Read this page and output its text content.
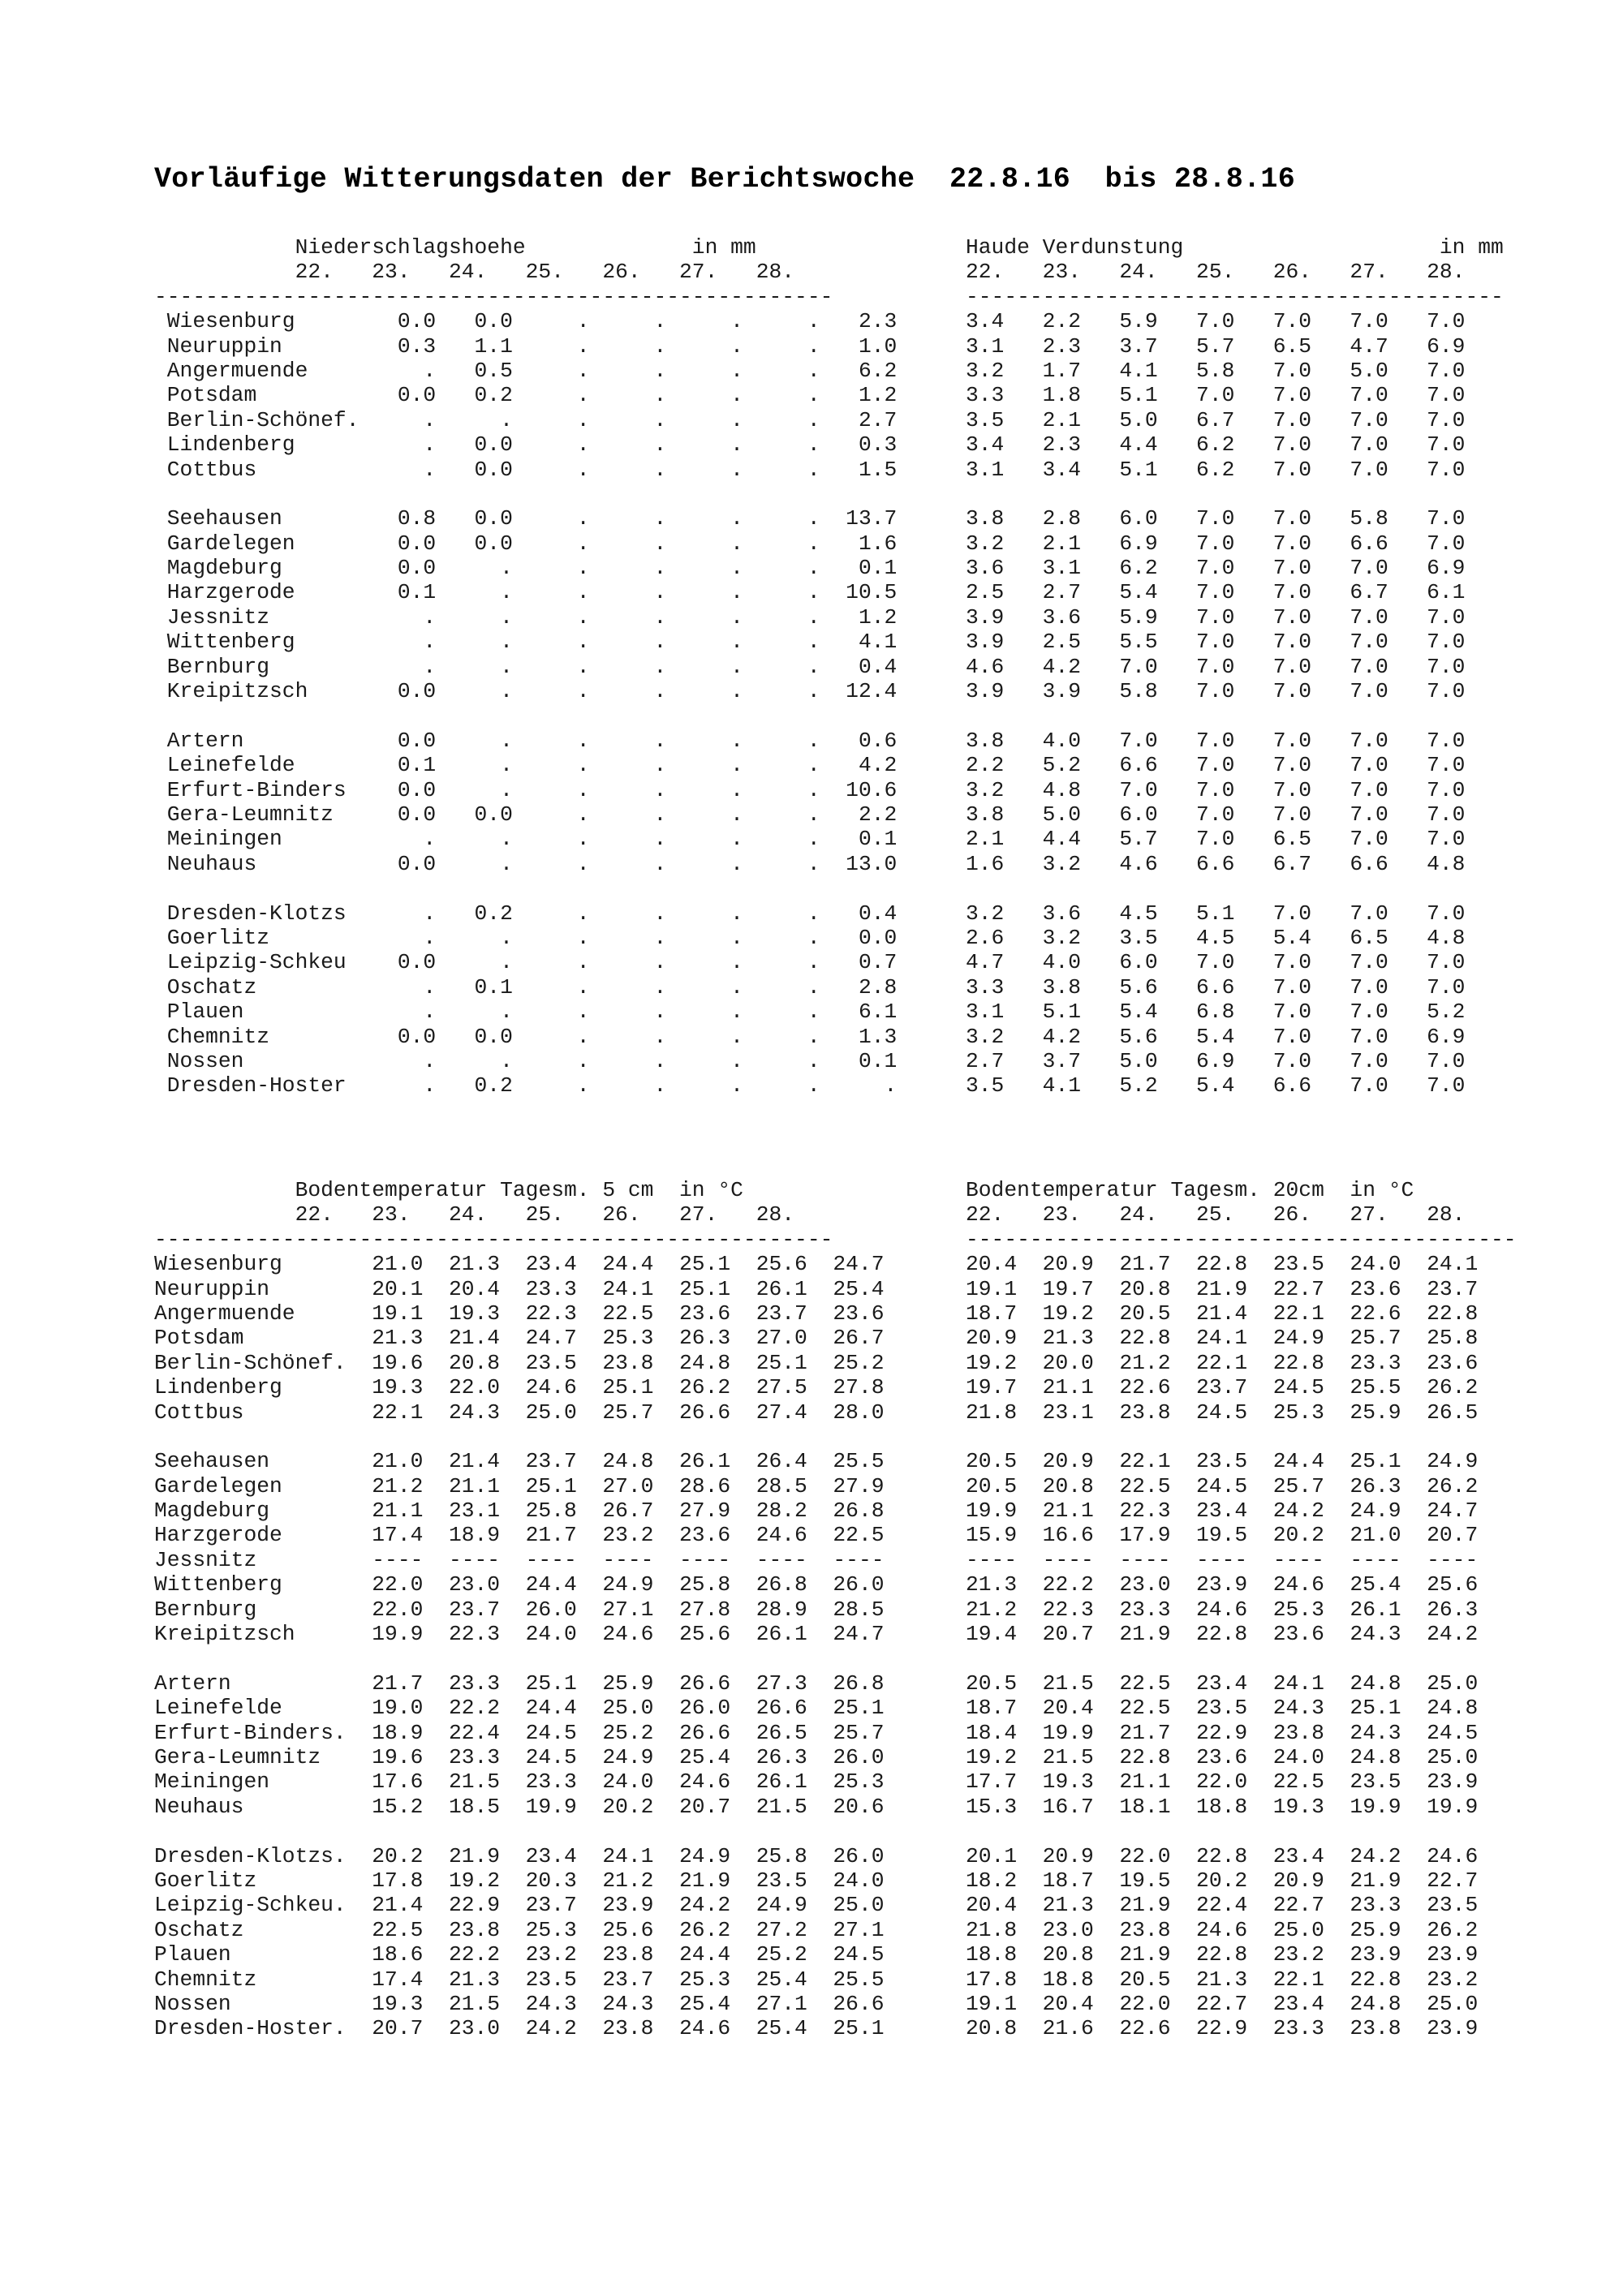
Vorläufige Witterungsdaten der Berichtswoche  22.8.16  bis 28.8.16
Niederschlagshoehe             in mm
22.   23.   24.   25.   26.   27.   28.
-----------------------------------------------------
Wiesenburg        0.0   0.0     .     .     .     .   2.3
Neuruppin         0.3   1.1     .     .     .     .   1.0
Angermuende         .   0.5     .     .     .     .   6.2
Potsdam           0.0   0.2     .     .     .     .   1.2
Berlin-Schönef.     .     .     .     .     .     .   2.7
Lindenberg          .   0.0     .     .     .     .   0.3
Cottbus             .   0.0     .     .     .     .   1.5
Seehausen         0.8   0.0     .     .     .     .  13.7
Gardelegen        0.0   0.0     .     .     .     .   1.6
Magdeburg         0.0     .     .     .     .     .   0.1
Harzgerode        0.1     .     .     .     .     .  10.5
Jessnitz            .     .     .     .     .     .   1.2
Wittenberg          .     .     .     .     .     .   4.1
Bernburg            .     .     .     .     .     .   0.4
Kreipitzsch       0.0     .     .     .     .     .  12.4
Artern            0.0     .     .     .     .     .   0.6
Leinefelde        0.1     .     .     .     .     .   4.2
Erfurt-Binders    0.0     .     .     .     .     .  10.6
Gera-Leumnitz     0.0   0.0     .     .     .     .   2.2
Meiningen           .     .     .     .     .     .   0.1
Neuhaus           0.0     .     .     .     .     .  13.0
Dresden-Klotzs      .   0.2     .     .     .     .   0.4
Goerlitz            .     .     .     .     .     .   0.0
Leipzig-Schkeu    0.0     .     .     .     .     .   0.7
Oschatz             .   0.1     .     .     .     .   2.8
Plauen              .     .     .     .     .     .   6.1
Chemnitz          0.0   0.0     .     .     .     .   1.3
Nossen              .     .     .     .     .     .   0.1
Dresden-Hoster      .   0.2     .     .     .     .     .
Haude Verdunstung                    in mm
22.   23.   24.   25.   26.   27.   28.
------------------------------------------
3.4   2.2   5.9   7.0   7.0   7.0   7.0
3.1   2.3   3.7   5.7   6.5   4.7   6.9
3.2   1.7   4.1   5.8   7.0   5.0   7.0
3.3   1.8   5.1   7.0   7.0   7.0   7.0
3.5   2.1   5.0   6.7   7.0   7.0   7.0
3.4   2.3   4.4   6.2   7.0   7.0   7.0
3.1   3.4   5.1   6.2   7.0   7.0   7.0
3.8   2.8   6.0   7.0   7.0   5.8   7.0
3.2   2.1   6.9   7.0   7.0   6.6   7.0
3.6   3.1   6.2   7.0   7.0   7.0   6.9
2.5   2.7   5.4   7.0   7.0   6.7   6.1
3.9   3.6   5.9   7.0   7.0   7.0   7.0
3.9   2.5   5.5   7.0   7.0   7.0   7.0
4.6   4.2   7.0   7.0   7.0   7.0   7.0
3.9   3.9   5.8   7.0   7.0   7.0   7.0
3.8   4.0   7.0   7.0   7.0   7.0   7.0
2.2   5.2   6.6   7.0   7.0   7.0   7.0
3.2   4.8   7.0   7.0   7.0   7.0   7.0
3.8   5.0   6.0   7.0   7.0   7.0   7.0
2.1   4.4   5.7   7.0   6.5   7.0   7.0
1.6   3.2   4.6   6.6   6.7   6.6   4.8
3.2   3.6   4.5   5.1   7.0   7.0   7.0
2.6   3.2   3.5   4.5   5.4   6.5   4.8
4.7   4.0   6.0   7.0   7.0   7.0   7.0
3.3   3.8   5.6   6.6   7.0   7.0   7.0
3.1   5.1   5.4   6.8   7.0   7.0   5.2
3.2   4.2   5.6   5.4   7.0   7.0   6.9
2.7   3.7   5.0   6.9   7.0   7.0   7.0
3.5   4.1   5.2   5.4   6.6   7.0   7.0
Bodentemperatur Tagesm. 5 cm  in °C
22.   23.   24.   25.   26.   27.   28.
-----------------------------------------------------
Wiesenburg       21.0  21.3  23.4  24.4  25.1  25.6  24.7
Neuruppin        20.1  20.4  23.3  24.1  25.1  26.1  25.4
Angermuende      19.1  19.3  22.3  22.5  23.6  23.7  23.6
Potsdam          21.3  21.4  24.7  25.3  26.3  27.0  26.7
Berlin-Schönef.  19.6  20.8  23.5  23.8  24.8  25.1  25.2
Lindenberg       19.3  22.0  24.6  25.1  26.2  27.5  27.8
Cottbus          22.1  24.3  25.0  25.7  26.6  27.4  28.0
Seehausen        21.0  21.4  23.7  24.8  26.1  26.4  25.5
Gardelegen       21.2  21.1  25.1  27.0  28.6  28.5  27.9
Magdeburg        21.1  23.1  25.8  26.7  27.9  28.2  26.8
Harzgerode       17.4  18.9  21.7  23.2  23.6  24.6  22.5
Jessnitz         ----  ----  ----  ----  ----  ----  ----
Wittenberg       22.0  23.0  24.4  24.9  25.8  26.8  26.0
Bernburg         22.0  23.7  26.0  27.1  27.8  28.9  28.5
Kreipitzsch      19.9  22.3  24.0  24.6  25.6  26.1  24.7
Artern           21.7  23.3  25.1  25.9  26.6  27.3  26.8
Leinefelde       19.0  22.2  24.4  25.0  26.0  26.6  25.1
Erfurt-Binders.  18.9  22.4  24.5  25.2  26.6  26.5  25.7
Gera-Leumnitz    19.6  23.3  24.5  24.9  25.4  26.3  26.0
Meiningen        17.6  21.5  23.3  24.0  24.6  26.1  25.3
Neuhaus          15.2  18.5  19.9  20.2  20.7  21.5  20.6
Dresden-Klotzs.  20.2  21.9  23.4  24.1  24.9  25.8  26.0
Goerlitz         17.8  19.2  20.3  21.2  21.9  23.5  24.0
Leipzig-Schkeu.  21.4  22.9  23.7  23.9  24.2  24.9  25.0
Oschatz          22.5  23.8  25.3  25.6  26.2  27.2  27.1
Plauen           18.6  22.2  23.2  23.8  24.4  25.2  24.5
Chemnitz         17.4  21.3  23.5  23.7  25.3  25.4  25.5
Nossen           19.3  21.5  24.3  24.3  25.4  27.1  26.6
Dresden-Hoster.  20.7  23.0  24.2  23.8  24.6  25.4  25.1
Bodentemperatur Tagesm. 20cm  in °C
22.   23.   24.   25.   26.   27.   28.
-------------------------------------------
20.4  20.9  21.7  22.8  23.5  24.0  24.1
19.1  19.7  20.8  21.9  22.7  23.6  23.7
18.7  19.2  20.5  21.4  22.1  22.6  22.8
20.9  21.3  22.8  24.1  24.9  25.7  25.8
19.2  20.0  21.2  22.1  22.8  23.3  23.6
19.7  21.1  22.6  23.7  24.5  25.5  26.2
21.8  23.1  23.8  24.5  25.3  25.9  26.5
20.5  20.9  22.1  23.5  24.4  25.1  24.9
20.5  20.8  22.5  24.5  25.7  26.3  26.2
19.9  21.1  22.3  23.4  24.2  24.9  24.7
15.9  16.6  17.9  19.5  20.2  21.0  20.7
----  ----  ----  ----  ----  ----  ----
21.3  22.2  23.0  23.9  24.6  25.4  25.6
21.2  22.3  23.3  24.6  25.3  26.1  26.3
19.4  20.7  21.9  22.8  23.6  24.3  24.2
20.5  21.5  22.5  23.4  24.1  24.8  25.0
18.7  20.4  22.5  23.5  24.3  25.1  24.8
18.4  19.9  21.7  22.9  23.8  24.3  24.5
19.2  21.5  22.8  23.6  24.0  24.8  25.0
17.7  19.3  21.1  22.0  22.5  23.5  23.9
15.3  16.7  18.1  18.8  19.3  19.9  19.9
20.1  20.9  22.0  22.8  23.4  24.2  24.6
18.2  18.7  19.5  20.2  20.9  21.9  22.7
20.4  21.3  21.9  22.4  22.7  23.3  23.5
21.8  23.0  23.8  24.6  25.0  25.9  26.2
18.8  20.8  21.9  22.8  23.2  23.9  23.9
17.8  18.8  20.5  21.3  22.1  22.8  23.2
19.1  20.4  22.0  22.7  23.4  24.8  25.0
20.8  21.6  22.6  22.9  23.3  23.8  23.9
